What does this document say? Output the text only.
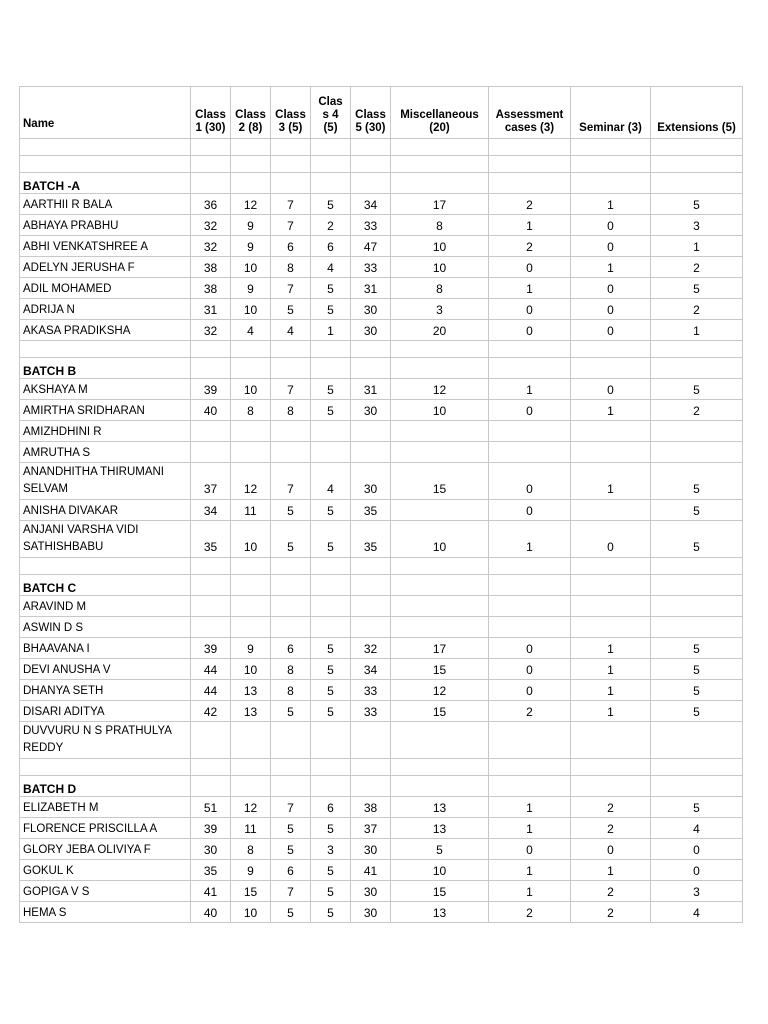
Name	Class 1 (30)	Class 2 (8)	Class 3 (5)	Clas s 4 (5)	Class 5 (30)	Miscellaneous (20)	Assessment cases (3)	Seminar (3)	Extensions (5)

BATCH -A									
AARTHII R BALA	36	12	7	5	34	17	2	1	5
ABHAYA PRABHU	32	9	7	2	33	8	1	0	3
ABHI VENKATSHREE A	32	9	6	6	47	10	2	0	1
ADELYN JERUSHA F	38	10	8	4	33	10	0	1	2
ADIL MOHAMED	38	9	7	5	31	8	1	0	5
ADRIJA N	31	10	5	5	30	3	0	0	2
AKASA PRADIKSHA	32	4	4	1	30	20	0	0	1

BATCH B									
AKSHAYA M	39	10	7	5	31	12	1	0	5
AMIRTHA SRIDHARAN	40	8	8	5	30	10	0	1	2
AMIZHDHINI R									
AMRUTHA S									
ANANDHITHA THIRUMANI SELVAM	37	12	7	4	30	15	0	1	5
ANISHA DIVAKAR	34	11	5	5	35		0		5
ANJANI VARSHA VIDI SATHISHBABU	35	10	5	5	35	10	1	0	5

BATCH C									
ARAVIND M									
ASWIN D S									
BHAAVANA I	39	9	6	5	32	17	0	1	5
DEVI ANUSHA V	44	10	8	5	34	15	0	1	5
DHANYA SETH	44	13	8	5	33	12	0	1	5
DISARI ADITYA	42	13	5	5	33	15	2	1	5
DUVVURU N S PRATHULYA REDDY									

BATCH D									
ELIZABETH M	51	12	7	6	38	13	1	2	5
FLORENCE PRISCILLA A	39	11	5	5	37	13	1	2	4
GLORY JEBA OLIVIYA F	30	8	5	3	30	5	0	0	0
GOKUL K	35	9	6	5	41	10	1	1	0
GOPIGA V S	41	15	7	5	30	15	1	2	3
HEMA S	40	10	5	5	30	13	2	2	4
